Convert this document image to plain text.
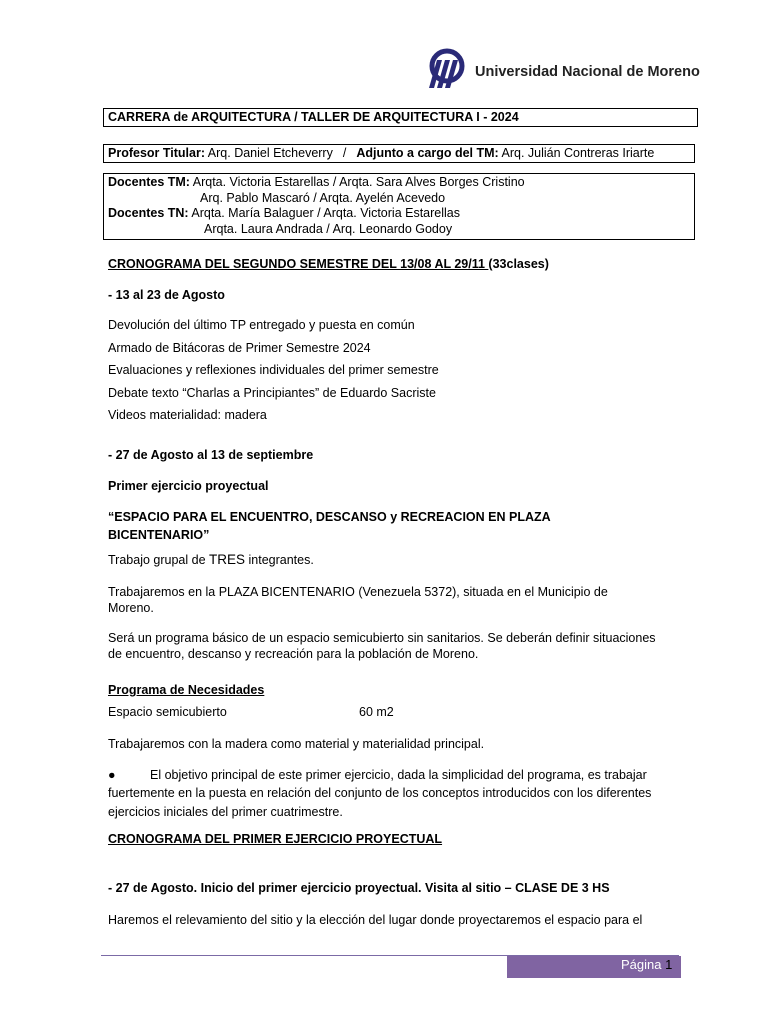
Universidad Nacional de Moreno
CARRERA de ARQUITECTURA / TALLER DE ARQUITECTURA I - 2024
Profesor Titular: Arq. Daniel Etcheverry / Adjunto a cargo del TM: Arq. Julián Contreras Iriarte
Docentes TM: Arqta. Victoria Estarellas / Arqta. Sara Alves Borges Cristino
Arq. Pablo Mascaró / Arqta. Ayelén Acevedo
Docentes TN: Arqta. María Balaguer / Arqta. Victoria Estarellas
Arqta. Laura Andrada / Arq. Leonardo Godoy
CRONOGRAMA DEL SEGUNDO SEMESTRE DEL 13/08 AL 29/11 (33clases)
- 13 al 23 de Agosto
Devolución del último TP entregado y puesta en común
Armado de Bitácoras de Primer Semestre 2024
Evaluaciones y reflexiones individuales del primer semestre
Debate texto “Charlas a Principiantes” de Eduardo Sacriste
Videos materialidad: madera
- 27 de Agosto al 13 de septiembre
Primer ejercicio proyectual
“ESPACIO PARA EL ENCUENTRO, DESCANSO y RECREACION EN PLAZA
BICENTENARIO”
Trabajo grupal de TRES integrantes.
Trabajaremos en la PLAZA BICENTENARIO (Venezuela 5372), situada en el Municipio de
Moreno.
Será un programa básico de un espacio semicubierto sin sanitarios. Se deberán definir situaciones
de encuentro, descanso y recreación para la población de Moreno.
Programa de Necesidades
Espacio semicubierto	60 m2
Trabajaremos con la madera como material y materialidad principal.
●	El objetivo principal de este primer ejercicio, dada la simplicidad del programa, es trabajar
fuertemente en la puesta en relación del conjunto de los conceptos introducidos con los diferentes
ejercicios iniciales del primer cuatrimestre.
CRONOGRAMA DEL PRIMER EJERCICIO PROYECTUAL
- 27 de Agosto. Inicio del primer ejercicio proyectual. Visita al sitio – CLASE DE 3 HS
Haremos el relevamiento del sitio y la elección del lugar donde proyectaremos el espacio para el
Página 1
